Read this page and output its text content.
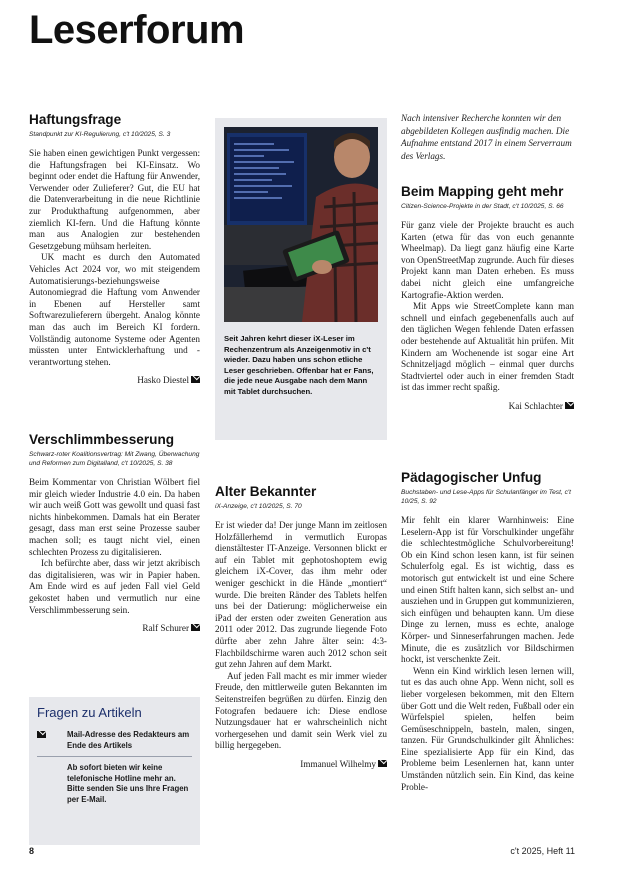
Leserforum
Haftungsfrage
Standpunkt zur KI-Regulierung, c't 10/2025, S. 3

Sie haben einen gewichtigen Punkt vergessen: die Haftungsfragen bei KI-Einsatz. Wo beginnt oder endet die Haftung für Anwender, Verwender oder Zulieferer? Gut, die EU hat die Datenverarbeitung in die neue Richtlinie zur Produkthaftung aufgenommen, aber ziemlich KI-fern. Und die Haftung könnte man aus Analogien zur bestehenden Gesetzgebung mühsam herleiten.

UK macht es durch den Automated Vehicles Act 2024 vor, wo mit steigendem Automatisierungs-beziehungsweise Autonomiegrad die Haftung vom Anwender in Ebenen auf Hersteller samt Softwarezulieferern übergeht. Analog könnte man das auch im Bereich KI fordern. Vollständig autonome Systeme oder Agenten müssten unter Entwicklerhaftung und -verantwortung stehen.

Hasko Diestel
Verschlimmbesserung
Schwarz-roter Koalitionsvertrag: Mit Zwang, Überwachung und Reformen zum Digitalland, c't 10/2025, S. 38

Beim Kommentar von Christian Wölbert fiel mir gleich wieder Industrie 4.0 ein. Da haben wir auch weiß Gott was gewollt und quasi fast nichts hinbekommen. Damals hat ein Berater gesagt, dass man erst seine Prozesse sauber machen soll; es taugt nicht viel, einen schlechten Prozess zu digitalisieren.

Ich befürchte aber, dass wir jetzt akribisch das digitalisieren, was wir in Papier haben. Am Ende wird es auf jeden Fall viel Geld gekostet haben und vermutlich nur eine Verschlimmbesserung sein.

Ralf Schurer
Fragen zu Artikeln
Mail-Adresse des Redakteurs am Ende des Artikels
Ab sofort bieten wir keine telefonische Hotline mehr an. Bitte senden Sie uns Ihre Fragen per E-Mail.
Seit Jahren kehrt dieser iX-Leser im Rechenzentrum als Anzeigenmotiv in c't wieder. Dazu haben uns schon etliche Leser geschrieben. Offenbar hat er Fans, die jede neue Ausgabe nach dem Mann mit Tablet durchsuchen.
Alter Bekannter
iX-Anzeige, c't 10/2025, S. 70

Er ist wieder da! Der junge Mann im zeitlosen Holzfällerhemd in vermutlich Europas dienstältester IT-Anzeige. Versonnen blickt er auf ein Tablet mit gephotoshoptem ewig gleichem iX-Cover, das ihm mehr oder weniger geschickt in die Hände „montiert“ wurde. Die breiten Ränder des Tablets helfen uns bei der Datierung: möglicherweise ein iPad der ersten oder zweiten Generation aus 2011 oder 2012. Das zugrunde liegende Foto dürfte aber zehn Jahre älter sein: 4:3-Flachbildschirme waren auch 2012 schon seit gut zehn Jahren auf dem Markt.

Auf jeden Fall macht es mir immer wieder Freude, den mittlerweile guten Bekannten im Seitenstreifen begrüßen zu dürfen. Einzig den Fotografen bedauere ich: Diese endlose Nutzungsdauer hat er wahrscheinlich nicht vorhergesehen und damit sein Werk viel zu billig hergegeben.

Immanuel Wilhelmy
Nach intensiver Recherche konnten wir den abgebildeten Kollegen ausfindig machen. Die Aufnahme entstand 2017 in einem Serverraum des Verlags.
Beim Mapping geht mehr
Citizen-Science-Projekte in der Stadt, c't 10/2025, S. 66

Für ganz viele der Projekte braucht es auch Karten (etwa für das von euch genannte Wheelmap). Da liegt ganz häufig eine Karte von OpenStreetMap zugrunde. Auch für dieses Projekt kann man Daten erheben. Es muss dabei nicht gleich eine umfangreiche Kartografie-Aktion werden.

Mit Apps wie StreetComplete kann man schnell und einfach gegebenenfalls auch auf den täglichen Wegen fehlende Daten erfassen oder bestehende auf Aktualität hin prüfen. Mit Kindern am Wochenende ist sogar eine Art Schnitzeljagd möglich – einmal quer durchs Stadtviertel oder auch in einer fremden Stadt ist das immer recht spaßig.

Kai Schlachter
Pädagogischer Unfug
Buchstaben- und Lese-Apps für Schulanfänger im Test, c't 10/25, S. 92

Mir fehlt ein klarer Warnhinweis: Eine Leselern-App ist für Vorschulkinder ungefähr die schlechtestmögliche Schulvorbereitung! Ob ein Kind schon lesen kann, ist für seinen Schulerfolg egal. Es ist wichtig, dass es motorisch gut entwickelt ist und eine Schere und einen Stift halten kann, sich selbst an- und ausziehen und in Gruppen gut kommunizieren, sich einfügen und behaupten kann. Um diese Dinge zu lernen, muss es echte, analoge Körper- und Sinneserfahrungen machen. Jede Minute, die es zusätzlich vor Bildschirmen hockt, ist verschenkte Zeit.

Wenn ein Kind wirklich lesen lernen will, tut es das auch ohne App. Wenn nicht, soll es lieber vorgelesen bekommen, mit den Eltern über Gott und die Welt reden, Fußball oder ein Würfelspiel spielen, helfen beim Gemüseschnippeln, basteln, malen, singen, tanzen. Für Grundschulkinder gilt Ähnliches: Eine spezialisierte App für ein Kind, das Probleme beim Lesenlernen hat, kann unter Umständen nützlich sein. Ein Kind, das keine Proble-

8	c't 2025, Heft 11
